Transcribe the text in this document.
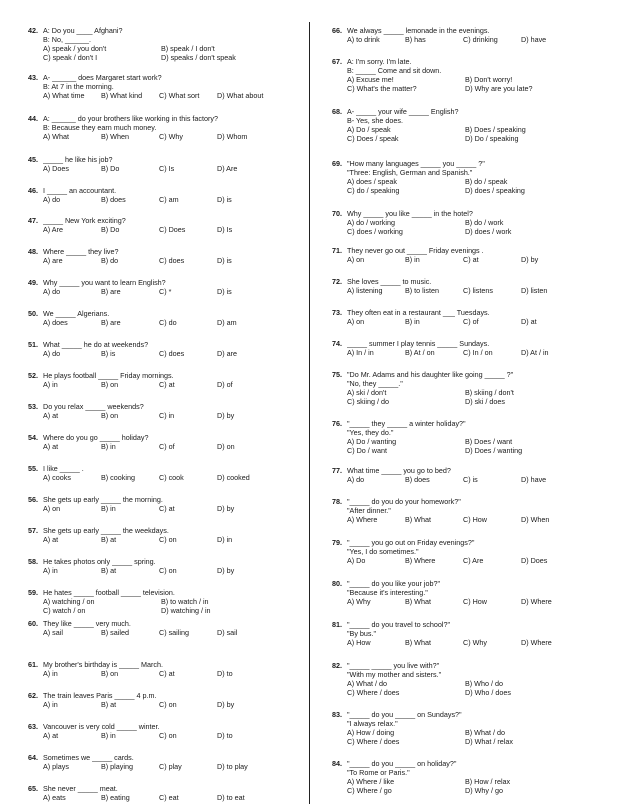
42. A: Do you ____ Afghani?
B: No, ______.
A) speak / you don't	B) speak / I don't
C) speak / don't I	D) speaks / don't speak
43. A- ______ does Margaret start work?
B: At 7 in the morning.
A) What time	B) What kind	C) What sort	D) What about
44. A: ______ do your brothers like working in this factory?
B: Because they earn much money.
A) What	B) When	C) Why	D) Whom
45. _____ he like his job?
A) Does	B) Do	C) Is	D) Are
46. I _____ an accountant.
A) do	B) does	C) am	D) is
47. _____ New York exciting?
A) Are	B) Do	C) Does	D) Is
48. Where _____ they live?
A) are	B) do	C) does	D) is
49. Why _____ you want to learn English?
A) do	B) are	C) *	D) is
50. We _____ Algerians.
A) does	B) are	C) do	D) am
51. What _____ he do at weekends?
A) do	B) is	C) does	D) are
52. He plays football _____ Friday mornings.
A) in	B) on	C) at	D) of
53. Do you relax _____ weekends?
A) at	B) on	C) in	D) by
54. Where do you go _____ holiday?
A) at	B) in	C) of	D) on
55. I like _____ .
A) cooks	B) cooking	C) cook	D) cooked
56. She gets up early _____ the morning.
A) on	B) in	C) at	D) by
57. She gets up early _____ the weekdays.
A) at	B) at	C) on	D) in
58. He takes photos only _____ spring.
A) in	B) at	C) on	D) by
59. He hates _____ football _____ television.
A) watching / on	B) to watch / in
C) watch / on	D) watching / in
60. They like _____ very much.
A) sail	B) sailed	C) sailing	D) sail
61. My brother's birthday is _____ March.
A) in	B) on	C) at	D) to
62. The train leaves Paris _____ 4 p.m.
A) in	B) at	C) on	D) by
63. Vancouver is very cold _____ winter.
A) at	B) in	C) on	D) to
64. Sometimes we _____ cards.
A) plays	B) playing	C) play	D) to play
65. She never _____ meat.
A) eats	B) eating	C) eat	D) to eat
66. We always _____ lemonade in the evenings.
A) to drink	B) has	C) drinking	D) have
67. A: I'm sorry. I'm late.
B: _____ Come and sit down.
A) Excuse me!	B) Don't worry!
C) What's the matter?	D) Why are you late?
68. A- _____ your wife _____ English?
B- Yes, she does.
A) Do / speak	B) Does / speaking
C) Does / speak	D) Do / speaking
69. "How many languages _____ you _____ ?"
"Three: English, German and Spanish."
A) does / speak	B) do / speak
C) do / speaking	D) does / speaking
70. Why _____ you like _____ in the hotel?
A) do / working	B) do / work
C) does / working	D) does / work
71. They never go out _____ Friday evenings .
A) on	B) in	C) at	D) by
72. She loves _____ to music.
A) listening	B) to listen	C) listens	D) listen
73. They often eat in a restaurant ___ Tuesdays.
A) on	B) in	C) of	D) at
74. _____ summer I play tennis _____ Sundays.
A) In / in	B) At / on	C) In / on	D) At / in
75. "Do Mr. Adams and his daughter like going _____ ?"
"No, they _____."
A) ski / don't	B) skiing / don't
C) skiing / do	D) ski / does
76. "_____ they _____ a winter holiday?"
"Yes, they do."
A) Do / wanting	B) Does / want
C) Do / want	D) Does / wanting
77. What time _____ you go to bed?
A) do	B) does	C) is	D) have
78. "_____ do you do your homework?"
"After dinner."
A) Where	B) What	C) How	D) When
79. "_____ you go out on Friday evenings?"
"Yes, I do sometimes."
A) Do	B) Where	C) Are	D) Does
80. "_____ do you like your job?"
"Because it's interesting."
A) Why	B) What	C) How	D) Where
81. "_____ do you travel to school?"
"By bus."
A) How	B) What	C) Why	D) Where
82. "_____ _____ you live with?"
"With my mother and sisters."
A) What / do	B) Who / do
C) Where / does	D) Who / does
83. "_____ do you _____ on Sundays?"
"I always relax."
A) How / doing	B) What / do
C) Where / does	D) What / relax
84. "_____ do you _____ on holiday?"
"To Rome or Paris."
A) Where / like	B) How / relax
C) Where / go	D) Why / go
